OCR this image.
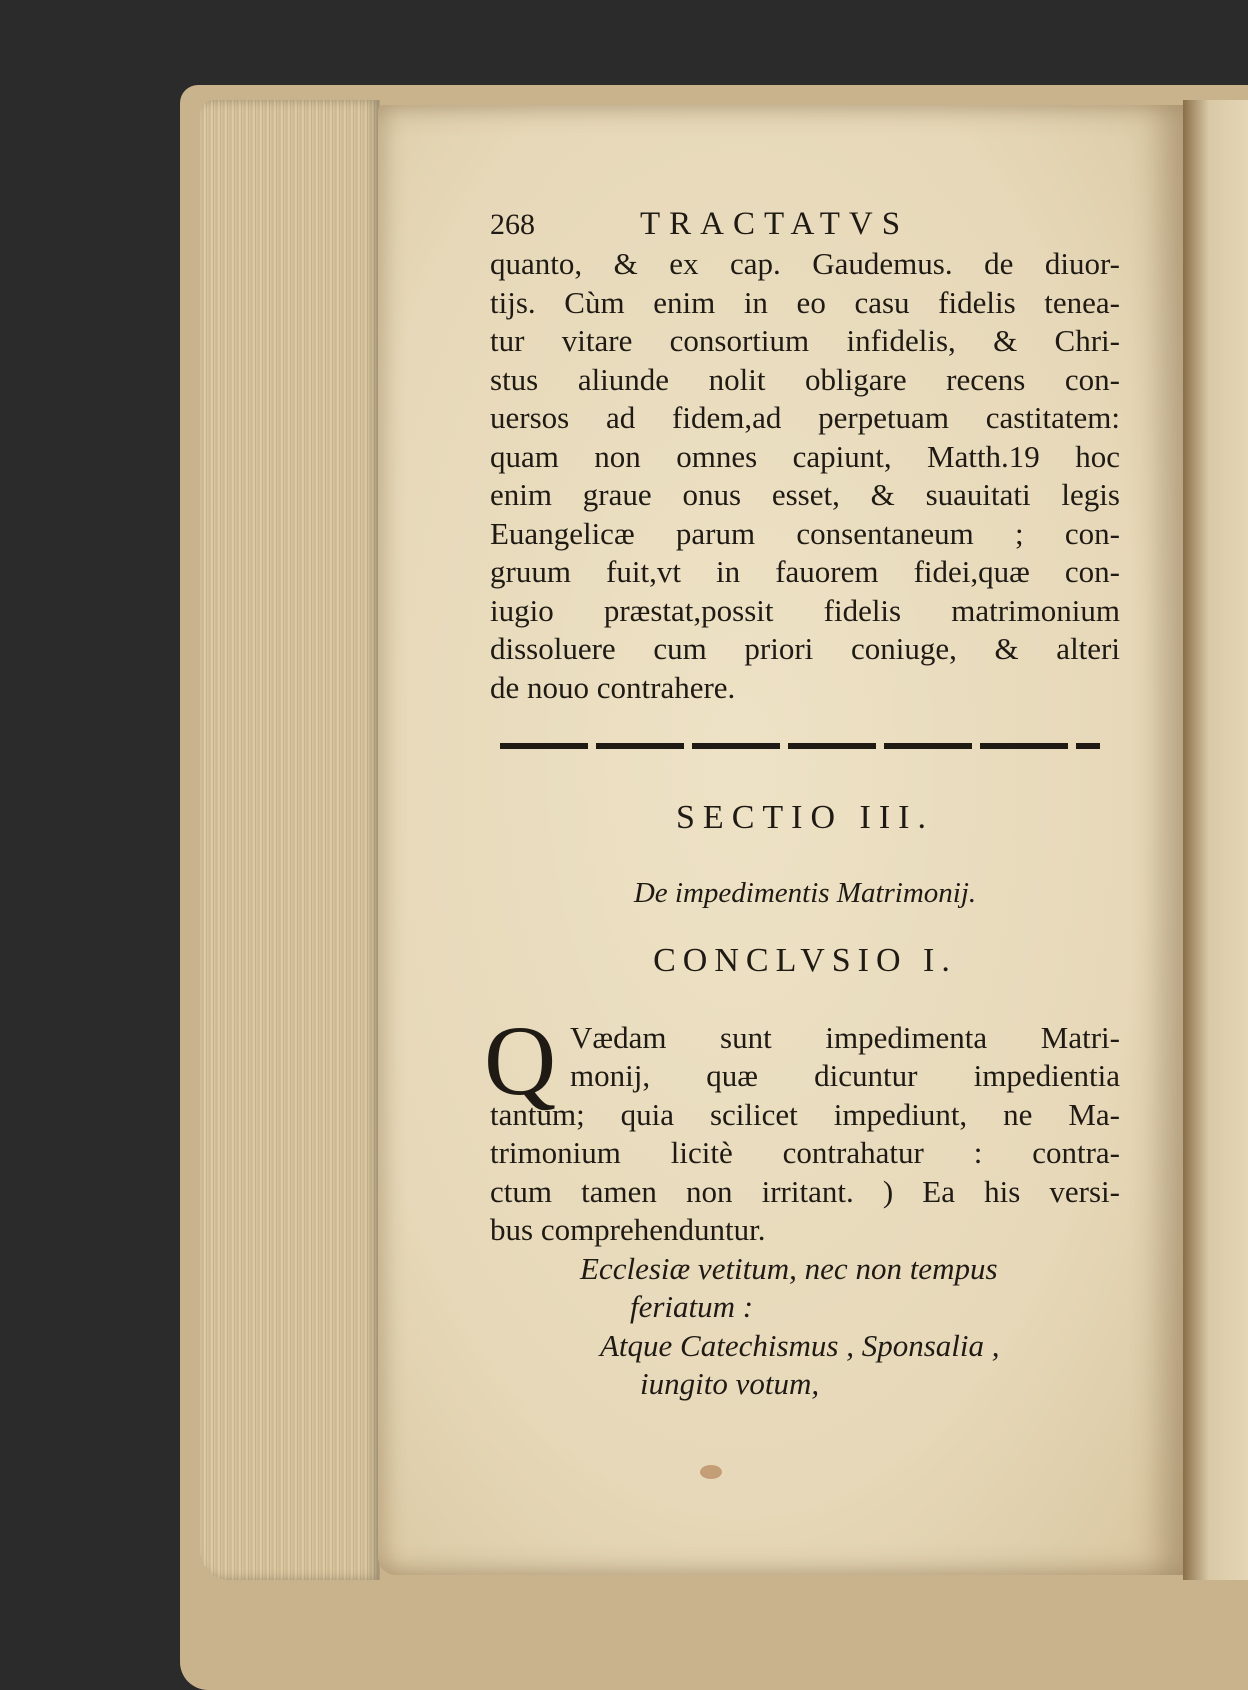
268	TRACTATVS
quanto, & ex cap. Gaudemus. de diuor-
tijs. Cùm enim in eo casu fidelis tenea-
tur vitare consortium infidelis, & Chri-
stus aliunde nolit obligare recens con-
uersos ad fidem,ad perpetuam castitatem:
quam non omnes capiunt, Matth.19 hoc
enim graue onus esset, & suauitati legis
Euangelicæ parum consentaneum ; con-
gruum fuit,vt in fauorem fidei,quæ con-
iugio præstat,possit fidelis matrimonium
dissoluere cum priori coniuge, & alteri
de nouo contrahere.
SECTIO III.
De impedimentis Matrimonij.
CONCLVSIO I.
Q Vædam sunt impedimenta Matri-
monij, quæ dicuntur impedientia
tantum; quia scilicet impediunt, ne Ma-
trimonium licitè contrahatur : contra-
ctum tamen non irritant. ) Ea his versi-
bus comprehenduntur.
Ecclesiæ vetitum, nec non tempus
feriatum :
Atque Catechismus , Sponsalia ,
iungito votum,
